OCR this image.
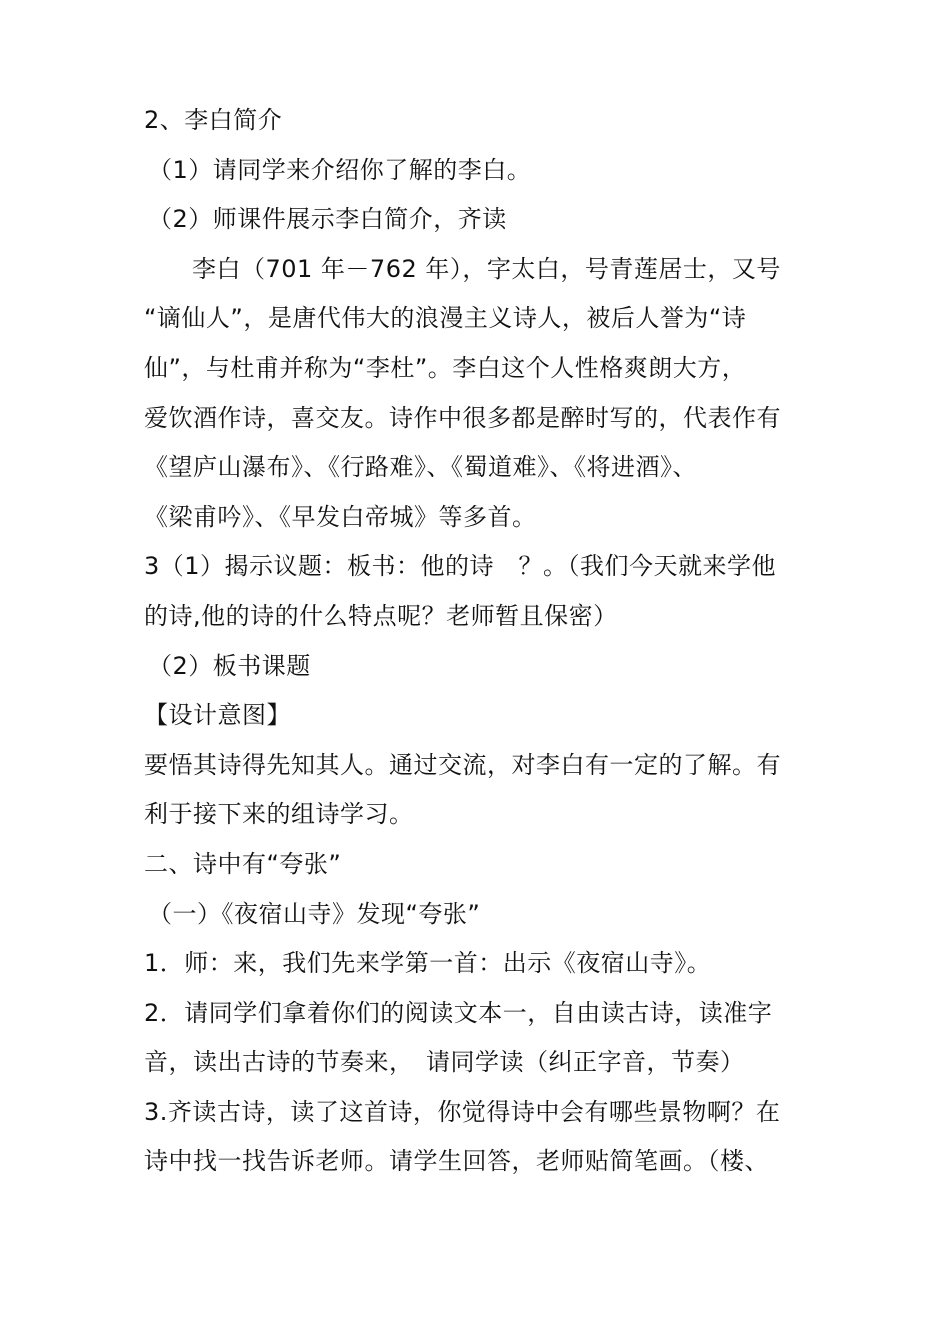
2、李白简介
（1）请同学来介绍你了解的李白。
（2）师课件展示李白简介，齐读
李白（701 年－762 年），字太白，号青莲居士，又号
“谪仙人”，是唐代伟大的浪漫主义诗人，被后人誉为“诗
仙”，与杜甫并称为“李杜”。李白这个人性格爽朗大方，
爱饮酒作诗，喜交友。诗作中很多都是醉时写的，代表作有
《望庐山瀑布》、《行路难》、《蜀道难》、《将进酒》、
《梁甫吟》、《早发白帝城》等多首。
3（1）揭示议题：板书：他的诗　？。（我们今天就来学他
的诗,他的诗的什么特点呢？老师暂且保密）
（2）板书课题
【设计意图】
要悟其诗得先知其人。通过交流，对李白有一定的了解。有
利于接下来的组诗学习。
二、诗中有“夸张”
（一）《夜宿山寺》发现“夸张”
1．师：来，我们先来学第一首：出示《夜宿山寺》。
2．请同学们拿着你们的阅读文本一，自由读古诗，读准字
音，读出古诗的节奏来，　请同学读（纠正字音，节奏）
3.齐读古诗，读了这首诗，你觉得诗中会有哪些景物啊？在
诗中找一找告诉老师。请学生回答，老师贴简笔画。（楼、
